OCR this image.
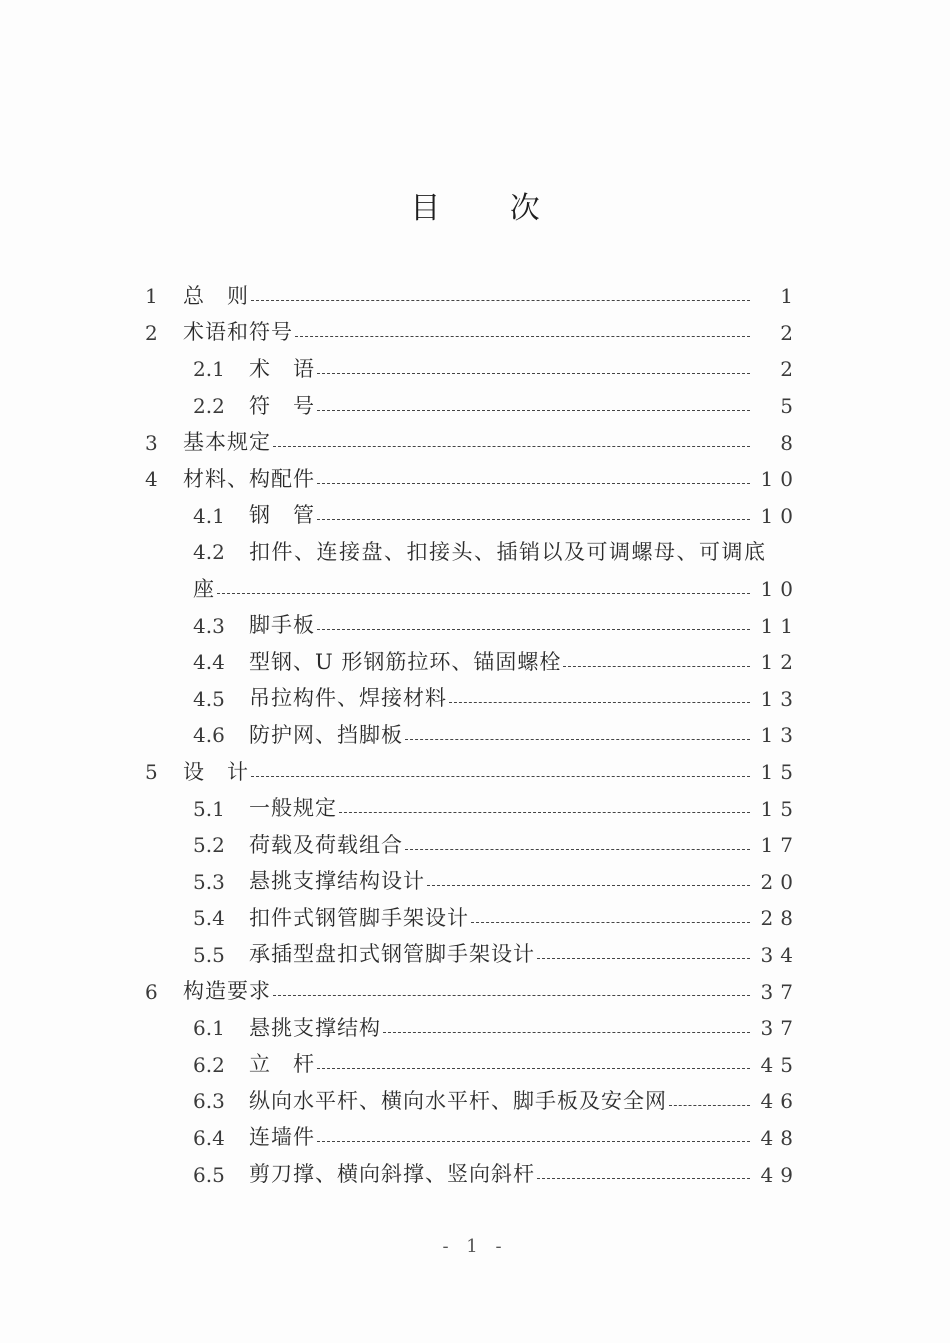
目 次
1	总　则	1
2	术语和符号	2
2.1	术　语	2
2.2	符　号	5
3	基本规定	8
4	材料、构配件	10
4.1	钢　管	10
4.2	扣件、连接盘、扣接头、插销以及可调螺母、可调底
座	10
4.3	脚手板	11
4.4	型钢、U 形钢筋拉环、锚固螺栓	12
4.5	吊拉构件、焊接材料	13
4.6	防护网、挡脚板	13
5	设　计	15
5.1	一般规定	15
5.2	荷载及荷载组合	17
5.3	悬挑支撑结构设计	20
5.4	扣件式钢管脚手架设计	28
5.5	承插型盘扣式钢管脚手架设计	34
6	构造要求	37
6.1	悬挑支撑结构	37
6.2	立　杆	45
6.3	纵向水平杆、横向水平杆、脚手板及安全网	46
6.4	连墙件	48
6.5	剪刀撑、横向斜撑、竖向斜杆	49
- 1 -
